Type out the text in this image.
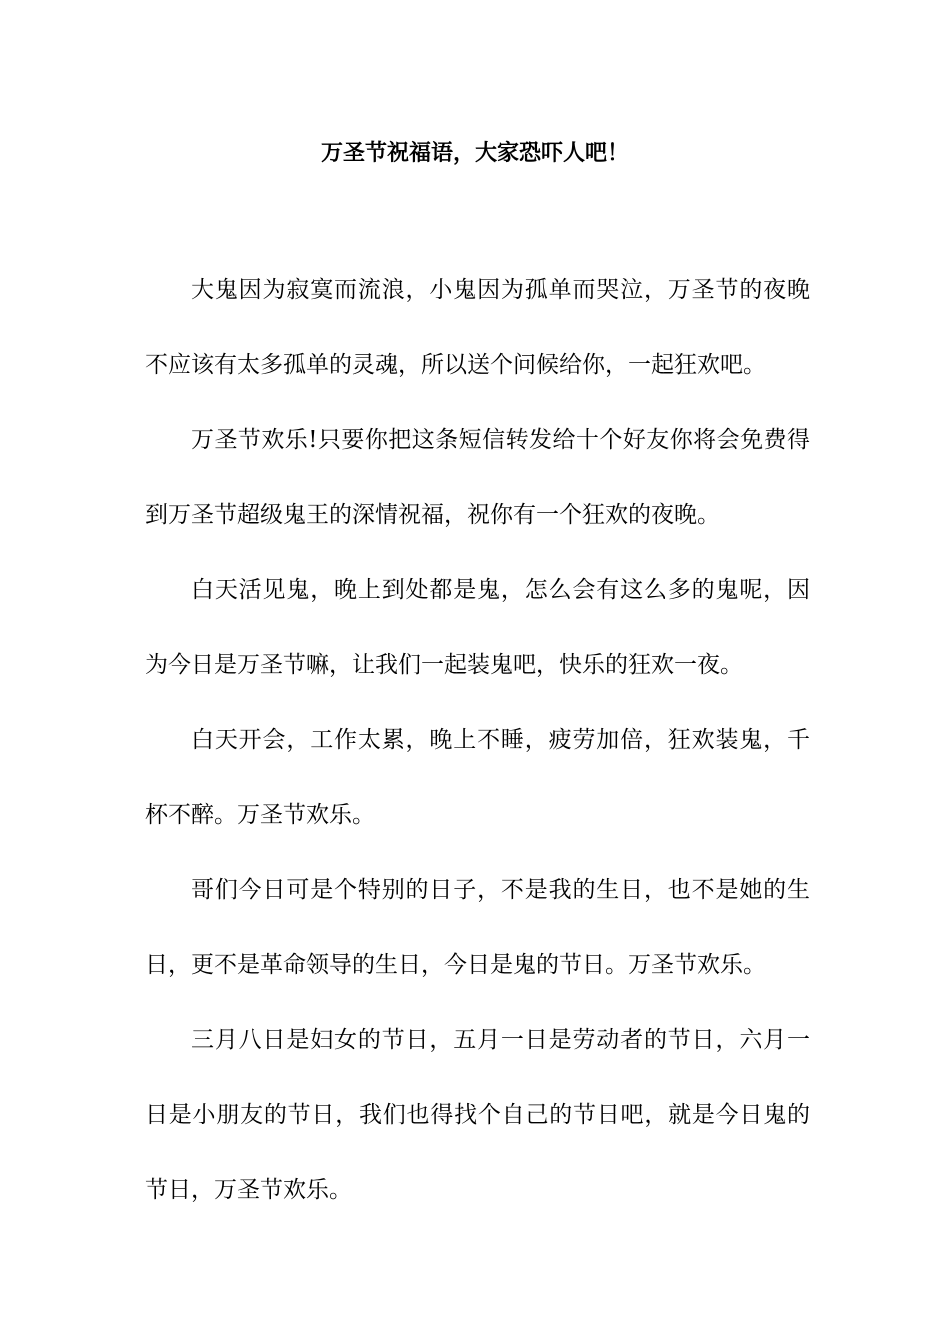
万圣节祝福语，大家恐吓人吧！

大鬼因为寂寞而流浪，小鬼因为孤单而哭泣，万圣节的夜晚不应该有太多孤单的灵魂，所以送个问候给你，一起狂欢吧。

万圣节欢乐!只要你把这条短信转发给十个好友你将会免费得到万圣节超级鬼王的深情祝福，祝你有一个狂欢的夜晚。

白天活见鬼，晚上到处都是鬼，怎么会有这么多的鬼呢，因为今日是万圣节嘛，让我们一起装鬼吧，快乐的狂欢一夜。

白天开会，工作太累，晚上不睡，疲劳加倍，狂欢装鬼，千杯不醉。万圣节欢乐。

哥们今日可是个特别的日子，不是我的生日，也不是她的生日，更不是革命领导的生日，今日是鬼的节日。万圣节欢乐。

三月八日是妇女的节日，五月一日是劳动者的节日，六月一日是小朋友的节日，我们也得找个自己的节日吧，就是今日鬼的节日，万圣节欢乐。
